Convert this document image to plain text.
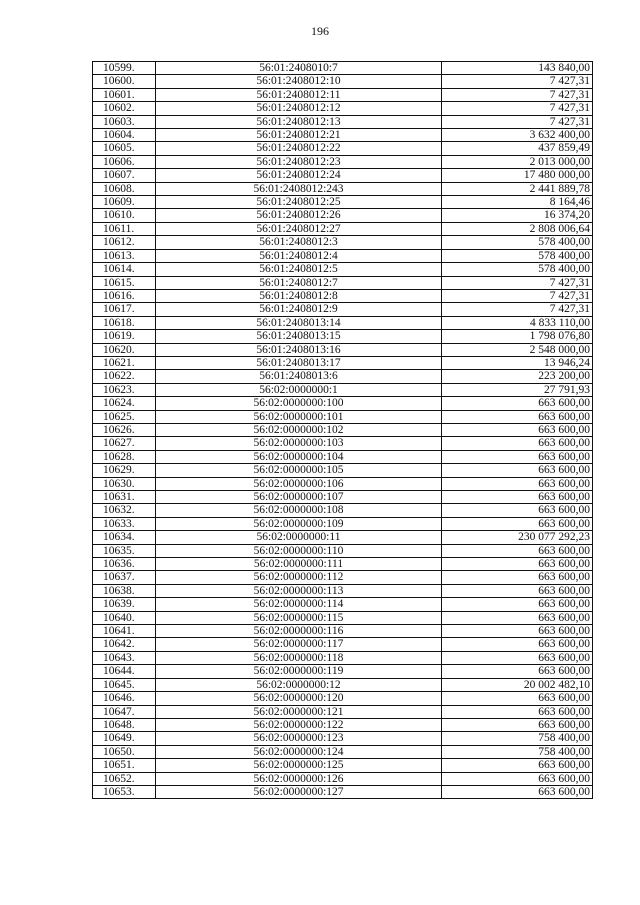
196
10599.	56:01:2408010:7	143 840,00
10600.	56:01:2408012:10	7 427,31
10601.	56:01:2408012:11	7 427,31
10602.	56:01:2408012:12	7 427,31
10603.	56:01:2408012:13	7 427,31
10604.	56:01:2408012:21	3 632 400,00
10605.	56:01:2408012:22	437 859,49
10606.	56:01:2408012:23	2 013 000,00
10607.	56:01:2408012:24	17 480 000,00
10608.	56:01:2408012:243	2 441 889,78
10609.	56:01:2408012:25	8 164,46
10610.	56:01:2408012:26	16 374,20
10611.	56:01:2408012:27	2 808 006,64
10612.	56:01:2408012:3	578 400,00
10613.	56:01:2408012:4	578 400,00
10614.	56:01:2408012:5	578 400,00
10615.	56:01:2408012:7	7 427,31
10616.	56:01:2408012:8	7 427,31
10617.	56:01:2408012:9	7 427,31
10618.	56:01:2408013:14	4 833 110,00
10619.	56:01:2408013:15	1 798 076,80
10620.	56:01:2408013:16	2 548 000,00
10621.	56:01:2408013:17	13 946,24
10622.	56:01:2408013:6	223 200,00
10623.	56:02:0000000:1	27 791,93
10624.	56:02:0000000:100	663 600,00
10625.	56:02:0000000:101	663 600,00
10626.	56:02:0000000:102	663 600,00
10627.	56:02:0000000:103	663 600,00
10628.	56:02:0000000:104	663 600,00
10629.	56:02:0000000:105	663 600,00
10630.	56:02:0000000:106	663 600,00
10631.	56:02:0000000:107	663 600,00
10632.	56:02:0000000:108	663 600,00
10633.	56:02:0000000:109	663 600,00
10634.	56:02:0000000:11	230 077 292,23
10635.	56:02:0000000:110	663 600,00
10636.	56:02:0000000:111	663 600,00
10637.	56:02:0000000:112	663 600,00
10638.	56:02:0000000:113	663 600,00
10639.	56:02:0000000:114	663 600,00
10640.	56:02:0000000:115	663 600,00
10641.	56:02:0000000:116	663 600,00
10642.	56:02:0000000:117	663 600,00
10643.	56:02:0000000:118	663 600,00
10644.	56:02:0000000:119	663 600,00
10645.	56:02:0000000:12	20 002 482,10
10646.	56:02:0000000:120	663 600,00
10647.	56:02:0000000:121	663 600,00
10648.	56:02:0000000:122	663 600,00
10649.	56:02:0000000:123	758 400,00
10650.	56:02:0000000:124	758 400,00
10651.	56:02:0000000:125	663 600,00
10652.	56:02:0000000:126	663 600,00
10653.	56:02:0000000:127	663 600,00
